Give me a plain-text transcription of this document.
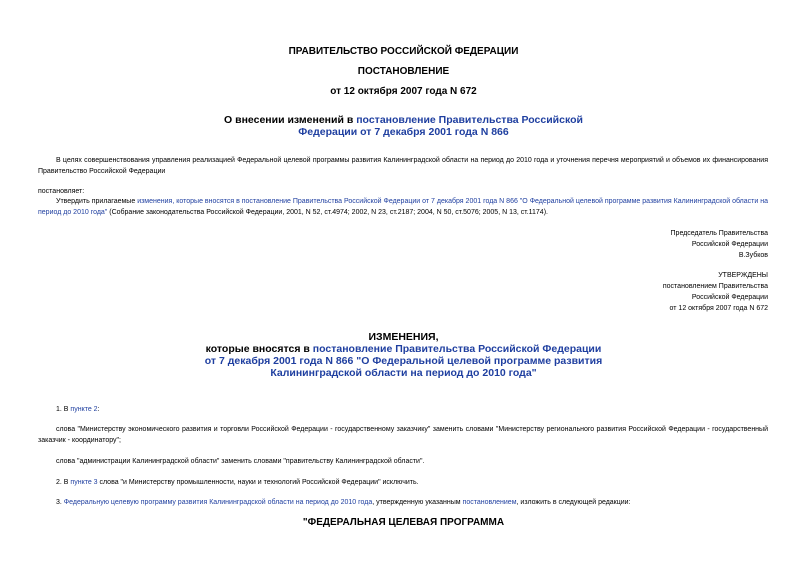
ПРАВИТЕЛЬСТВО РОССИЙСКОЙ ФЕДЕРАЦИИ
ПОСТАНОВЛЕНИЕ
от 12 октября 2007 года N 672
О внесении изменений в постановление Правительства Российской
Федерации от 7 декабря 2001 года N 866
В целях совершенствования управления реализацией Федеральной целевой программы развития Калининградской области на период до 2010 года и уточнения перечня мероприятий и объемов их финансирования Правительство Российской Федерации
постановляет:
Утвердить прилагаемые изменения, которые вносятся в постановление Правительства Российской Федерации от 7 декабря 2001 года N 866 "О Федеральной целевой программе развития Калининградской области на период до 2010 года" (Собрание законодательства Российской Федерации, 2001, N 52, ст.4974; 2002, N 23, ст.2187; 2004, N 50, ст.5076; 2005, N 13, ст.1174).
Председатель Правительства
Российской Федерации
В.Зубков
УТВЕРЖДЕНЫ
постановлением Правительства
Российской Федерации
от 12 октября 2007 года N 672
ИЗМЕНЕНИЯ,
которые вносятся в постановление Правительства Российской Федерации
от 7 декабря 2001 года N 866 "О Федеральной целевой программе развития
Калининградской области на период до 2010 года"
1. В пункте 2:
слова "Министерству экономического развития и торговли Российской Федерации - государственному заказчику" заменить словами "Министерству регионального развития Российской Федерации - государственный заказчик - координатору";
слова "администрации Калининградской области" заменить словами "правительству Калининградской области".
2. В пункте 3 слова "и Министерству промышленности, науки и технологий Российской Федерации" исключить.
3. Федеральную целевую программу развития Калининградской области на период до 2010 года, утвержденную указанным постановлением, изложить в следующей редакции:
"ФЕДЕРАЛЬНАЯ ЦЕЛЕВАЯ ПРОГРАММА
